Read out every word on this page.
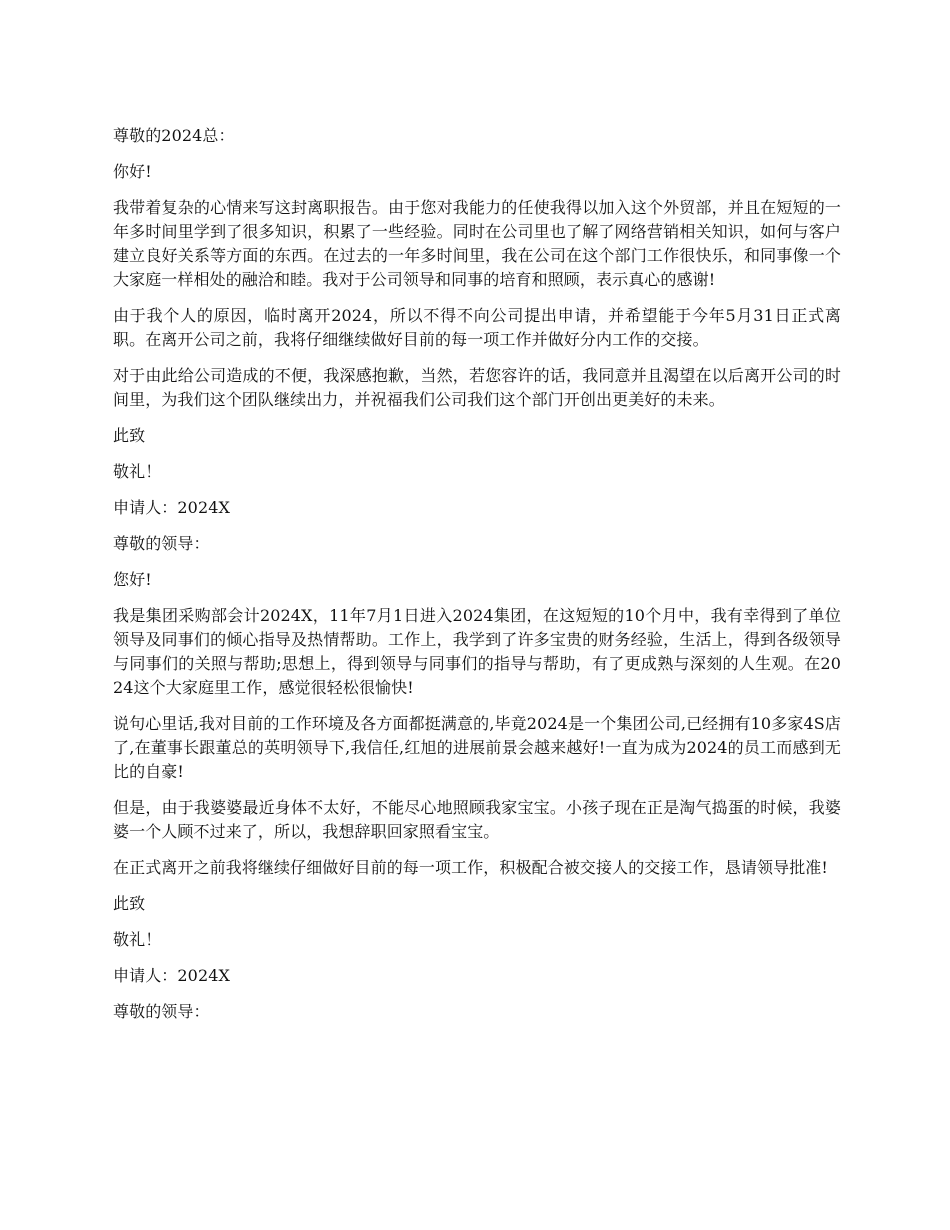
尊敬的2024总：

你好!

我带着复杂的心情来写这封离职报告。由于您对我能力的任使我得以加入这个外贸部，并且在短短的一年多时间里学到了很多知识，积累了一些经验。同时在公司里也了解了网络营销相关知识，如何与客户建立良好关系等方面的东西。在过去的一年多时间里，我在公司在这个部门工作很快乐，和同事像一个大家庭一样相处的融洽和睦。我对于公司领导和同事的培育和照顾，表示真心的感谢!

由于我个人的原因，临时离开2024，所以不得不向公司提出申请，并希望能于今年5月31日正式离职。在离开公司之前，我将仔细继续做好目前的每一项工作并做好分内工作的交接。

对于由此给公司造成的不便，我深感抱歉，当然，若您容许的话，我同意并且渴望在以后离开公司的时间里，为我们这个团队继续出力，并祝福我们公司我们这个部门开创出更美好的未来。

此致

敬礼！

申请人：2024X

尊敬的领导：

您好!

我是集团采购部会计2024X，11年7月1日进入2024集团，在这短短的10个月中，我有幸得到了单位领导及同事们的倾心指导及热情帮助。工作上，我学到了许多宝贵的财务经验，生活上，得到各级领导与同事们的关照与帮助;思想上，得到领导与同事们的指导与帮助，有了更成熟与深刻的人生观。在2024这个大家庭里工作，感觉很轻松很愉快!

说句心里话,我对目前的工作环境及各方面都挺满意的,毕竟2024是一个集团公司,已经拥有10多家4S店了,在董事长跟董总的英明领导下,我信任,红旭的进展前景会越来越好!一直为成为2024的员工而感到无比的自豪!

但是，由于我婆婆最近身体不太好，不能尽心地照顾我家宝宝。小孩子现在正是淘气捣蛋的时候，我婆婆一个人顾不过来了，所以，我想辞职回家照看宝宝。

在正式离开之前我将继续仔细做好目前的每一项工作，积极配合被交接人的交接工作，恳请领导批准!

此致

敬礼！

申请人：2024X

尊敬的领导：
